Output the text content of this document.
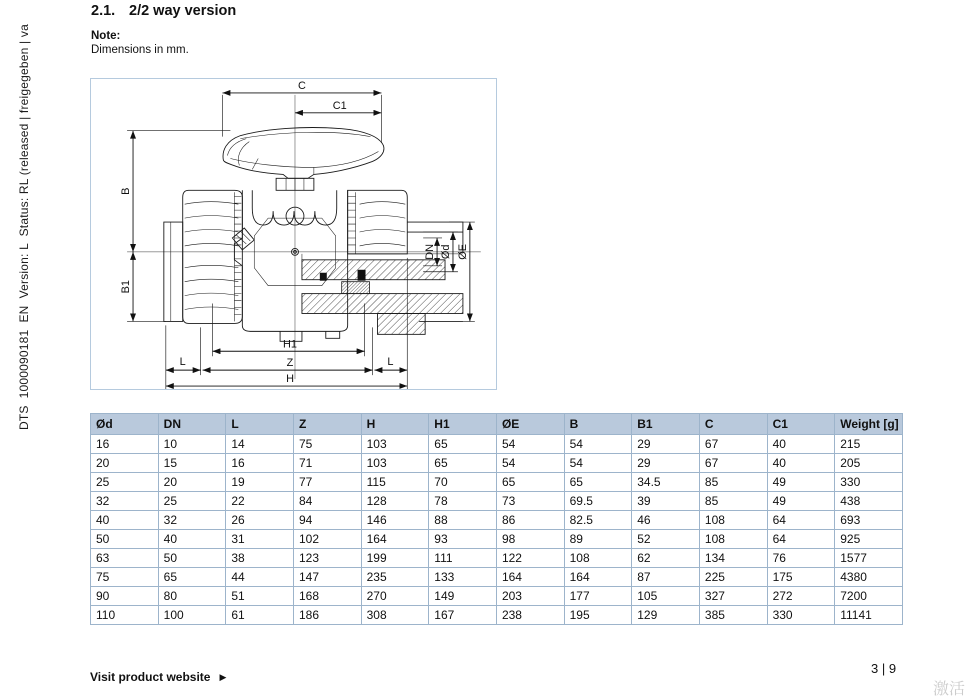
DTS  1000090181  EN  Version: L  Status: RL (released | freigegeben | va
2.1. 2/2 way version
Note:
Dimensions in mm.
C
C1
B
B1
DN Ød ØE
H1
Z
L	L
H
Ød	DN	L	Z	H	H1	ØE	B	B1	C	C1	Weight [g]
16	10	14	75	103	65	54	54	29	67	40	215
20	15	16	71	103	65	54	54	29	67	40	205
25	20	19	77	115	70	65	65	34.5	85	49	330
32	25	22	84	128	78	73	69.5	39	85	49	438
40	32	26	94	146	88	86	82.5	46	108	64	693
50	40	31	102	164	93	98	89	52	108	64	925
63	50	38	123	199	111	122	108	62	134	76	1577
75	65	44	147	235	133	164	164	87	225	175	4380
90	80	51	168	270	149	203	177	105	327	272	7200
110	100	61	186	308	167	238	195	129	385	330	11141
Visit product website ▶
3 | 9
激活
